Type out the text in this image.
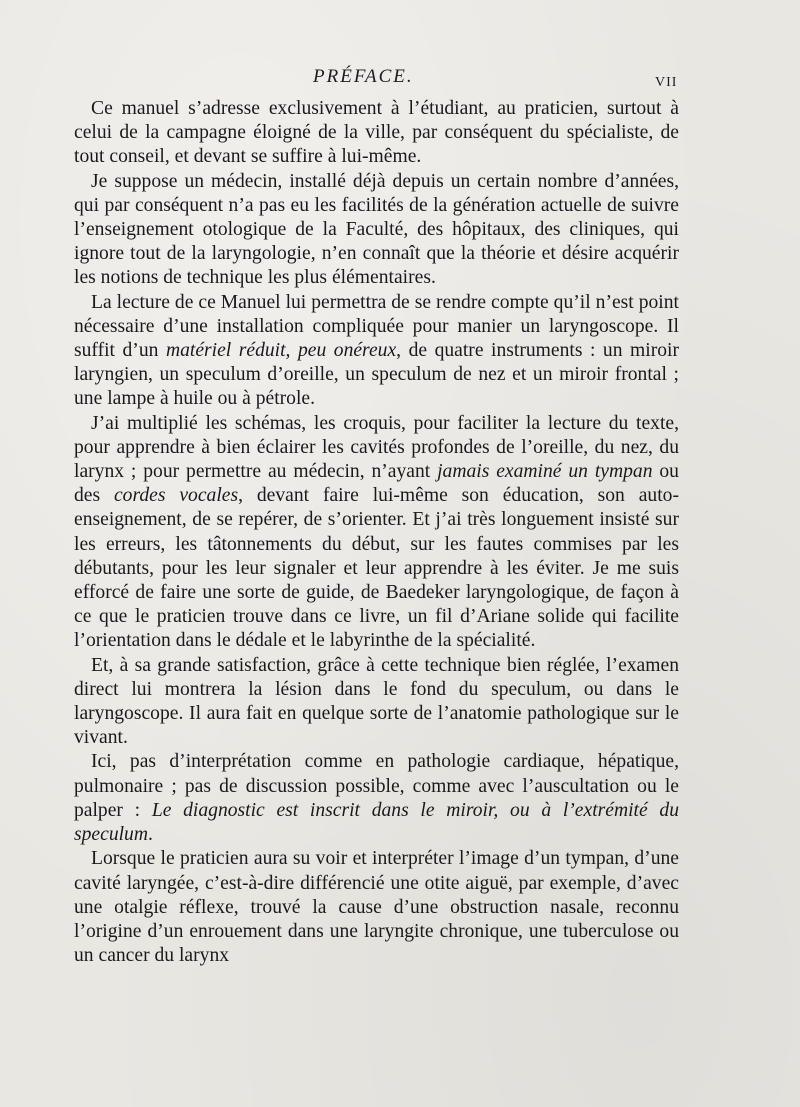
PRÉFACE.	VII

Ce manuel s’adresse exclusivement à l’étudiant, au praticien, surtout à celui de la campagne éloigné de la ville, par conséquent du spécialiste, de tout conseil, et devant se suffire à lui-même.

Je suppose un médecin, installé déjà depuis un certain nombre d’années, qui par conséquent n’a pas eu les facilités de la génération actuelle de suivre l’enseignement otologique de la Faculté, des hôpitaux, des cliniques, qui ignore tout de la laryngologie, n’en connaît que la théorie et désire acquérir les notions de technique les plus élémentaires.

La lecture de ce Manuel lui permettra de se rendre compte qu’il n’est point nécessaire d’une installation compliquée pour manier un laryngoscope. Il suffit d’un matériel réduit, peu onéreux, de quatre instruments : un miroir laryngien, un speculum d’oreille, un speculum de nez et un miroir frontal ; une lampe à huile ou à pétrole.

J’ai multiplié les schémas, les croquis, pour faciliter la lecture du texte, pour apprendre à bien éclairer les cavités profondes de l’oreille, du nez, du larynx ; pour permettre au médecin, n’ayant jamais examiné un tympan ou des cordes vocales, devant faire lui-même son éducation, son auto-enseignement, de se repérer, de s’orienter. Et j’ai très longuement insisté sur les erreurs, les tâtonnements du début, sur les fautes commises par les débutants, pour les leur signaler et leur apprendre à les éviter. Je me suis efforcé de faire une sorte de guide, de Baedeker laryngologique, de façon à ce que le praticien trouve dans ce livre, un fil d’Ariane solide qui facilite l’orientation dans le dédale et le labyrinthe de la spécialité.

Et, à sa grande satisfaction, grâce à cette technique bien réglée, l’examen direct lui montrera la lésion dans le fond du speculum, ou dans le laryngoscope. Il aura fait en quelque sorte de l’anatomie pathologique sur le vivant.

Ici, pas d’interprétation comme en pathologie cardiaque, hépatique, pulmonaire ; pas de discussion possible, comme avec l’auscultation ou le palper : Le diagnostic est inscrit dans le miroir, ou à l’extrémité du speculum.

Lorsque le praticien aura su voir et interpréter l’image d’un tympan, d’une cavité laryngée, c’est-à-dire différencié une otite aiguë, par exemple, d’avec une otalgie réflexe, trouvé la cause d’une obstruction nasale, reconnu l’origine d’un enrouement dans une laryngite chronique, une tuberculose ou un cancer du larynx
